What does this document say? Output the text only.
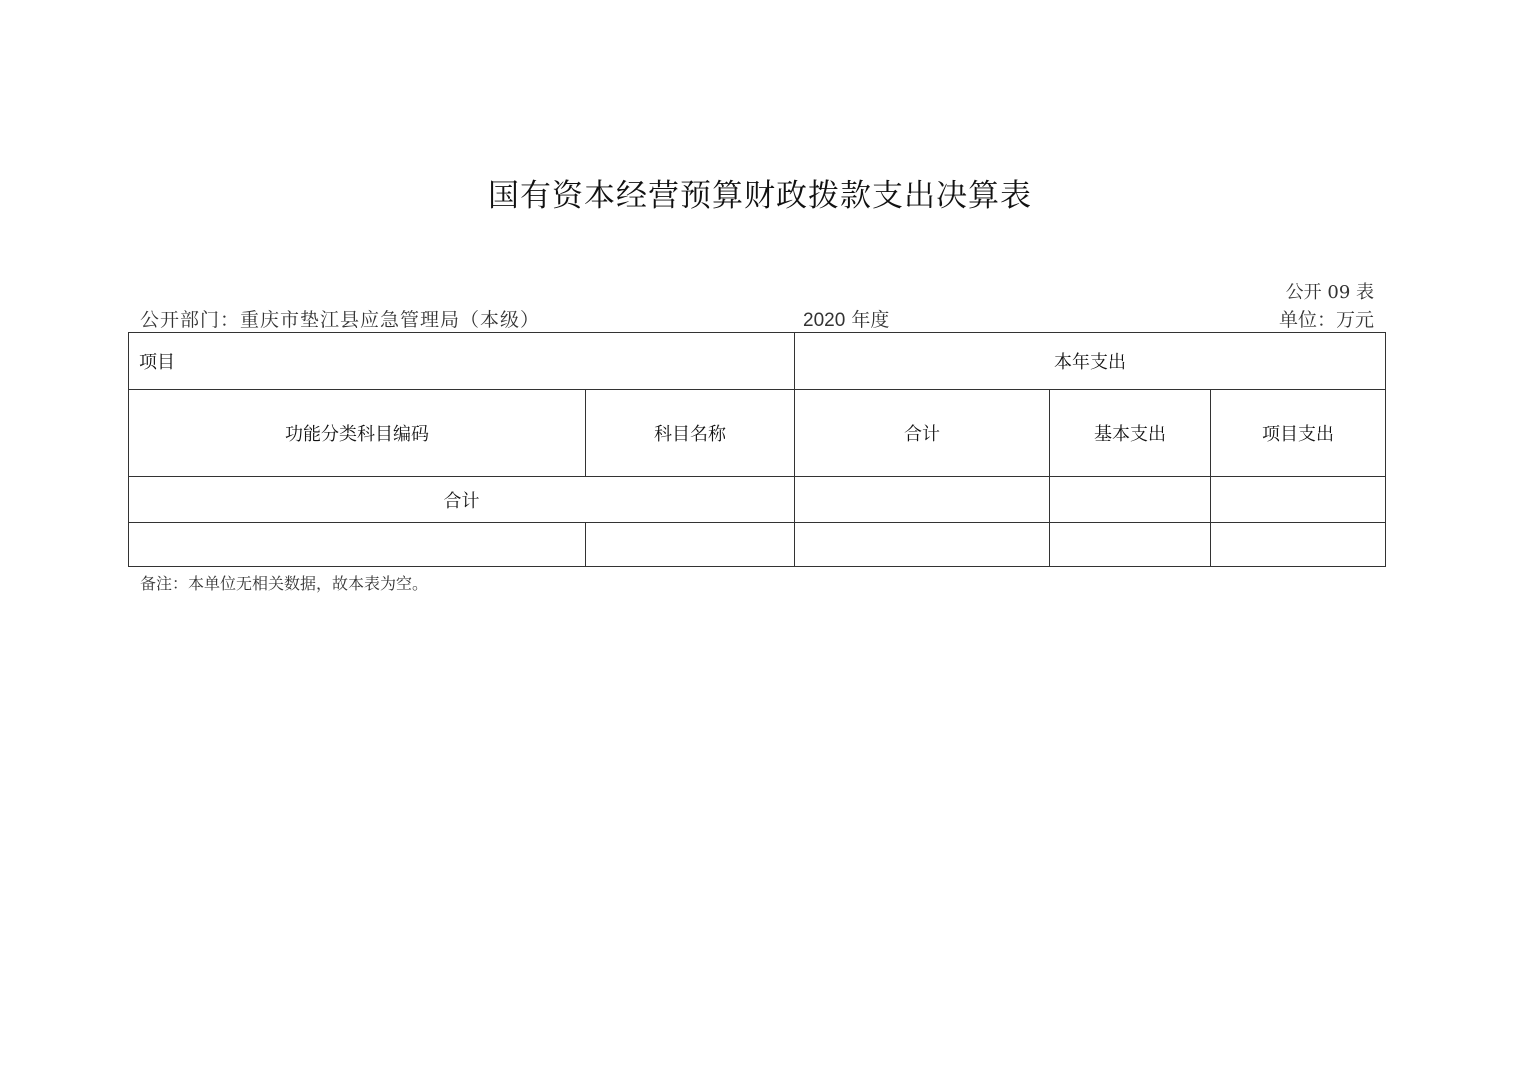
国有资本经营预算财政拨款支出决算表
公开 09 表
公开部门：重庆市垫江县应急管理局（本级）	2020 年度	单位：万元
项目		本年支出		
功能分类科目编码	科目名称	合计	基本支出	项目支出
合计				

备注：本单位无相关数据，故本表为空。
